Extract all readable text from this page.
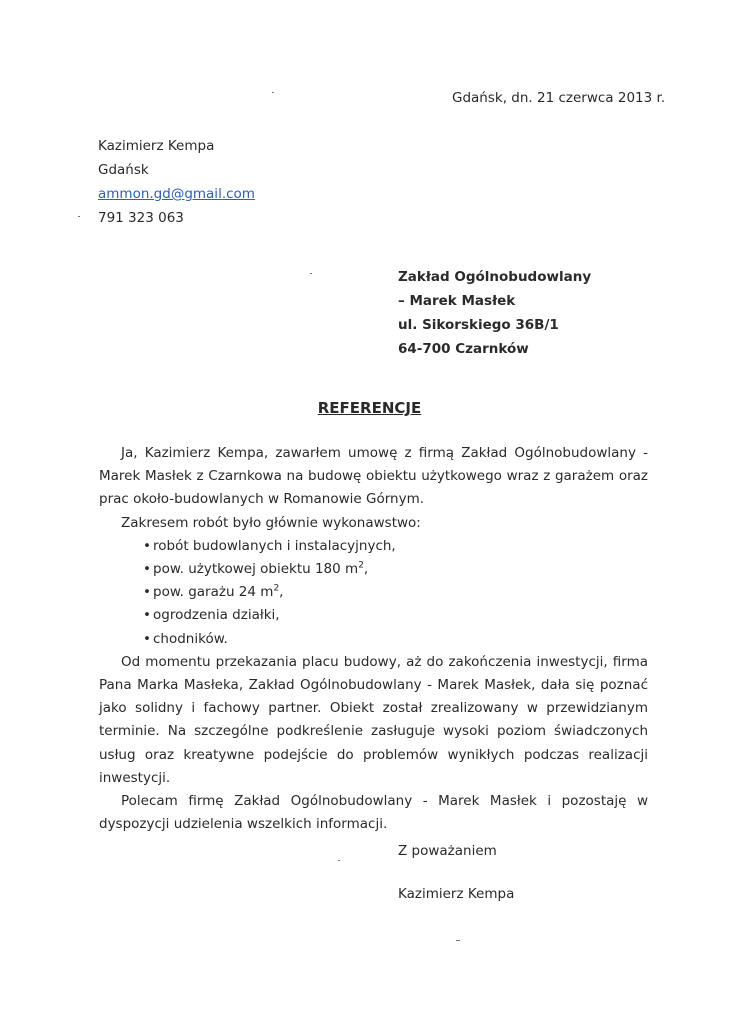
Gdańsk, dn. 21 czerwca 2013 r.
Kazimierz Kempa
Gdańsk
ammon.gd@gmail.com
791 323 063
Zakład Ogólnobudowlany
– Marek Masłek
ul. Sikorskiego 36B/1
64-700 Czarnków
REFERENCJE

Ja, Kazimierz Kempa, zawarłem umowę z firmą Zakład Ogólnobudowlany - Marek Masłek z Czarnkowa na budowę obiektu użytkowego wraz z garażem oraz prac około-budowlanych w Romanowie Górnym.

Zakresem robót było głównie wykonawstwo:

• robót budowlanych i instalacyjnych,
• pow. użytkowej obiektu 180 $m^2$,
• pow. garażu 24 $m^2$,
• ogrodzenia działki,
• chodników.

Od momentu przekazania placu budowy, aż do zakończenia inwestycji, firma Pana Marka Masłeka, Zakład Ogólnobudowlany - Marek Masłek, dała się poznać jako solidny i fachowy partner. Obiekt został zrealizowany w przewidzianym terminie. Na szczególne podkreślenie zasługuje wysoki poziom świadczonych usług oraz kreatywne podejście do problemów wynikłych podczas realizacji inwestycji.

Polecam firmę Zakład Ogólnobudowlany - Marek Masłek i pozostaję w dyspozycji udzielenia wszelkich informacji.

Z poważaniem
Kazimierz Kempa
